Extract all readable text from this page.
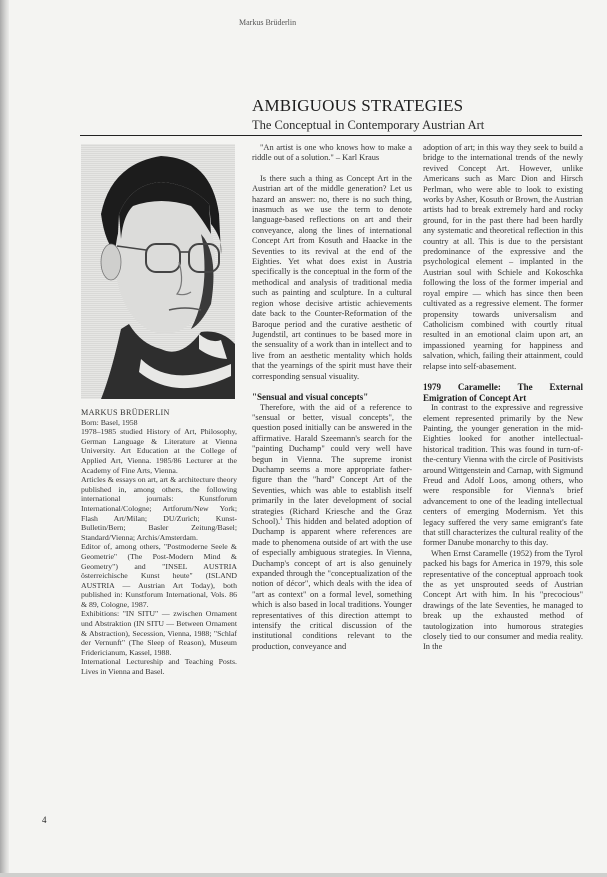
Markus Brüderlin
AMBIGUOUS STRATEGIES
The Conceptual in Contemporary Austrian Art

MARKUS BRÜDERLIN

Born: Basel, 1958

1978–1985 studied History of Art, Philosophy, German Language & Literature at Vienna University. Art Education at the College of Applied Art, Vienna. 1985/86 Lecturer at the Academy of Fine Arts, Vienna.

Articles & essays on art, art & architecture theory published in, among others, the following international journals: Kunstforum International/Cologne; Artforum/New York; Flash Art/Milan; DU/Zurich; Kunst-Bulletin/Bern; Basler Zeitung/Basel; Standard/Vienna; Archis/Amsterdam.

Editor of, among others, "Postmoderne Seele & Geometrie" (The Post-Modern Mind & Geometry") and "INSEL AUSTRIA österreichische Kunst heute" (ISLAND AUSTRIA — Austrian Art Today), both published in: Kunstforum International, Vols. 86 & 89, Cologne, 1987.

Exhibitions: "IN SITU" — zwischen Ornament und Abstraktion (IN SITU — Between Ornament & Abstraction), Secession, Vienna, 1988; "Schlaf der Vernunft" (The Sleep of Reason), Museum Fridericianum, Kassel, 1988.

International Lectureship and Teaching Posts. Lives in Vienna and Basel.

"An artist is one who knows how to make a riddle out of a solution." – Karl Kraus

Is there such a thing as Concept Art in the Austrian art of the middle generation? Let us hazard an answer: no, there is no such thing, inasmuch as we use the term to denote language-based reflections on art and their conveyance, along the lines of international Concept Art from Kosuth and Haacke in the Seventies to its revival at the end of the Eighties. Yet what does exist in Austria specifically is the conceptual in the form of the methodical and analysis of traditional media such as painting and sculpture. In a cultural region whose decisive artistic achievements date back to the Counter-Reformation of the Baroque period and the curative aesthetic of Jugendstil, art continues to be based more in the sensuality of a work than in intellect and to live from an aesthetic mentality which holds that the yearnings of the spirit must have their corresponding sensual visuality.

"Sensual and visual concepts"

Therefore, with the aid of a reference to "sensual or better, visual concepts", the question posed initially can be answered in the affirmative. Harald Szeemann's search for the "painting Duchamp" could very well have begun in Vienna. The supreme ironist Duchamp seems a more appropriate father-figure than the "hard" Concept Art of the Seventies, which was able to establish itself primarily in the later development of social strategies (Richard Kriesche and the Graz School).$^1$ This hidden and belated adoption of Duchamp is apparent where references are made to phenomena outside of art with the use of especially ambiguous strategies. In Vienna, Duchamp's concept of art is also genuinely expanded through the "conceptualization of the notion of décor", which deals with the idea of "art as context" on a formal level, something which is also based in local traditions. Younger representatives of this direction attempt to intensify the critical discussion of the institutional conditions relevant to the production, conveyance and

adoption of art; in this way they seek to build a bridge to the international trends of the newly revived Concept Art. However, unlike Americans such as Marc Dion and Hirsch Perlman, who were able to look to existing works by Asher, Kosuth or Brown, the Austrian artists had to break extremely hard and rocky ground, for in the past there had been hardly any systematic and theoretical reflection in this country at all. This is due to the persistant predominance of the expressive and the psychological element – implanted in the Austrian soul with Schiele and Kokoschka following the loss of the former imperial and royal empire — which has since then been cultivated as a regressive element. The former propensity towards universalism and Catholicism combined with courtly ritual resulted in an emotional claim upon art, an impassioned yearning for happiness and salvation, which, failing their attainment, could relapse into self-abasement.

1979 Caramelle: The External Emigration of Concept Art

In contrast to the expressive and regressive element represented primarily by the New Painting, the younger generation in the mid-Eighties looked for another intellectual-historical tradition. This was found in turn-of-the-century Vienna with the circle of Positivists around Wittgenstein and Carnap, with Sigmund Freud and Adolf Loos, among others, who were responsible for Vienna's brief advancement to one of the leading intellectual centers of emerging Modernism. Yet this legacy suffered the very same emigrant's fate that still characterizes the cultural reality of the former Danube monarchy to this day.

When Ernst Caramelle (1952) from the Tyrol packed his bags for America in 1979, this sole representative of the conceptual approach took the as yet unsprouted seeds of Austrian Concept Art with him. In his "precocious" drawings of the late Seventies, he managed to break up the exhausted method of tautologization into humorous strategies closely tied to our consumer and media reality. In the

4
